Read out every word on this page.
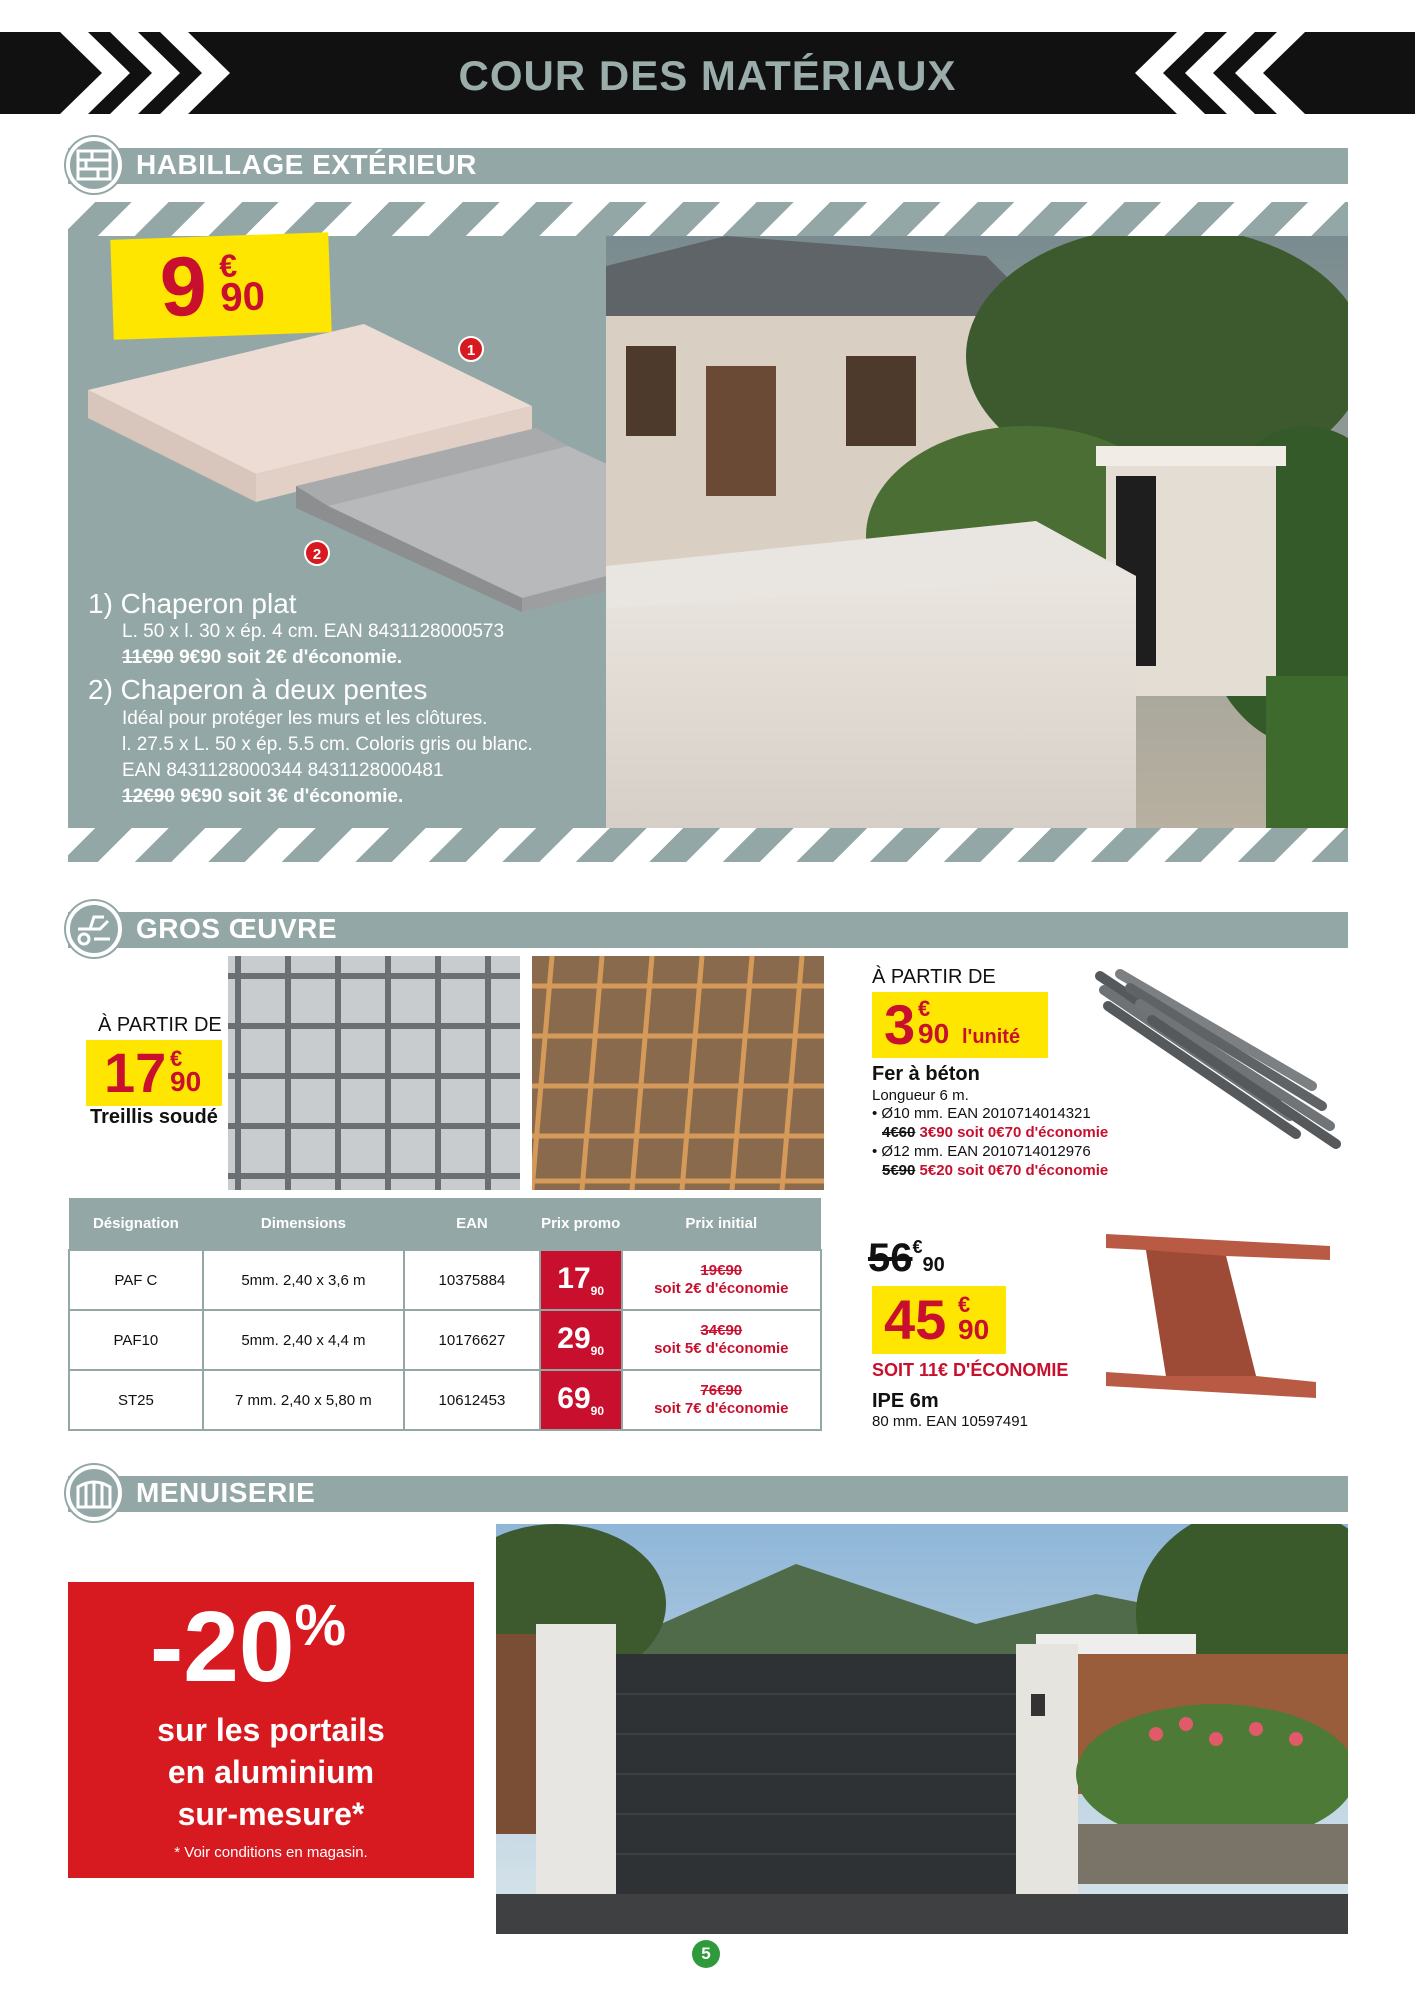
COUR DES MATÉRIAUX
HABILLAGE EXTÉRIEUR
9 €
90
1
2
1) Chaperon plat
L. 50 x l. 30 x ép. 4 cm. EAN 8431128000573
11€90 9€90 soit 2€ d'économie.
2) Chaperon à deux pentes
Idéal pour protéger les murs et les clôtures.
l. 27.5 x L. 50 x ép. 5.5 cm. Coloris gris ou blanc.
EAN 8431128000344 8431128000481
12€90 9€90 soit 3€ d'économie.
GROS ŒUVRE
À PARTIR DE
17 €
90
Treillis soudé
Désignation	Dimensions	EAN	Prix promo	Prix initial
PAF C	5mm. 2,40 x 3,6 m	10375884	$17_{90}$	19€90
soit 2€ d'économie
PAF10	5mm. 2,40 x 4,4 m	10176627	$29_{90}$	34€90
soit 5€ d'économie
ST25	7 mm. 2,40 x 5,80 m	10612453	$69_{90}$	76€90
soit 7€ d'économie
À PARTIR DE
3 €
90 l'unité
Fer à béton
Longueur 6 m.
• Ø10 mm. EAN 2010714014321
4€60 3€90 soit 0€70 d'économie
• Ø12 mm. EAN 2010714012976
5€90 5€20 soit 0€70 d'économie
56€90
45 €
90
SOIT 11€ D'ÉCONOMIE
IPE 6m
80 mm. EAN 10597491
MENUISERIE
-20%
sur les portails
en aluminium
sur-mesure*
* Voir conditions en magasin.
5
